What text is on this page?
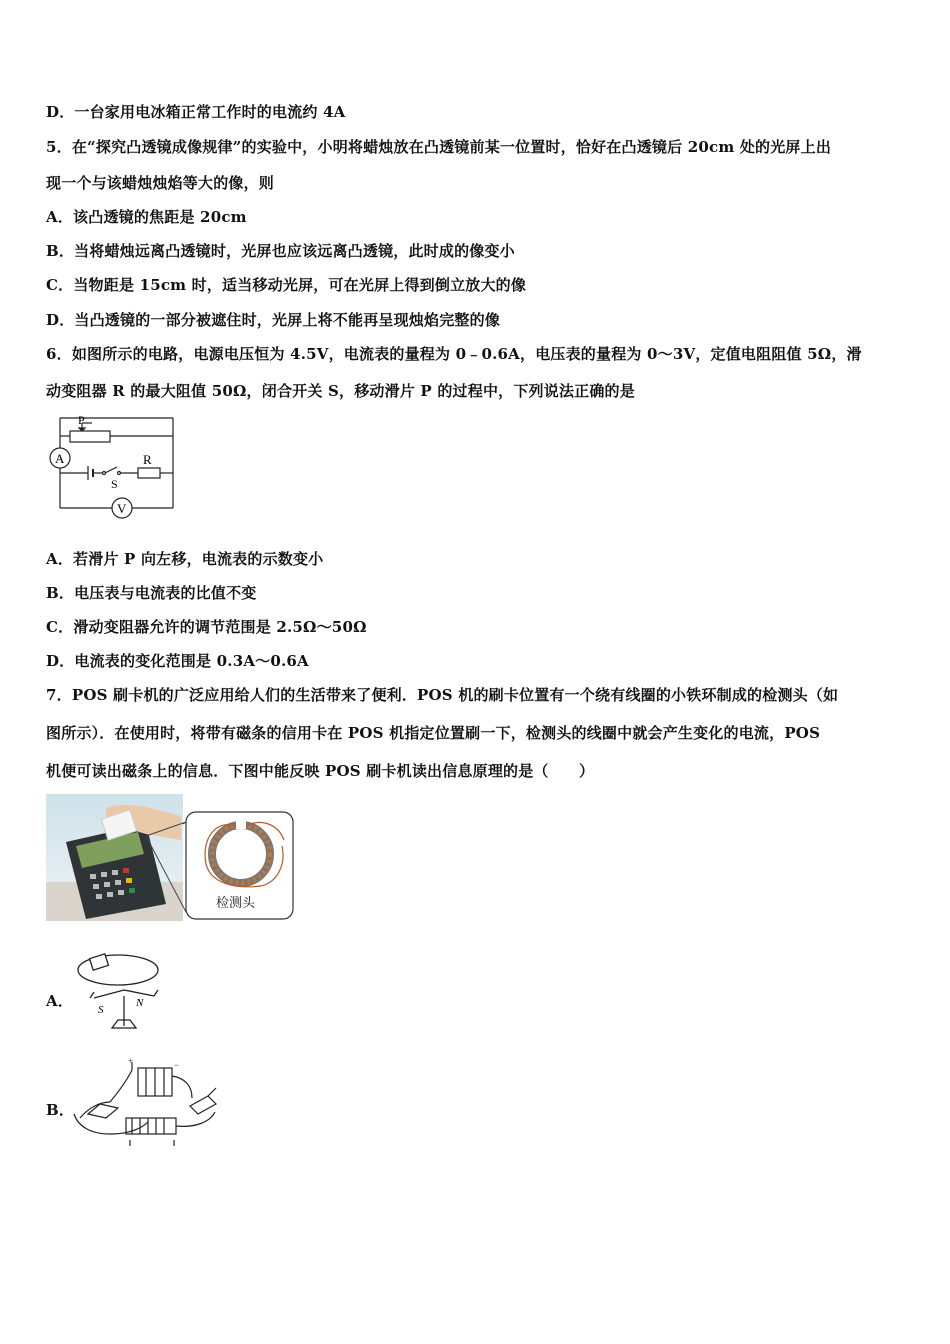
D．一台家用电冰箱正常工作时的电流约 4A
5．在“探究凸透镜成像规律”的实验中，小明将蜡烛放在凸透镜前某一位置时，恰好在凸透镜后 20cm 处的光屏上出
现一个与该蜡烛烛焰等大的像，则
A．该凸透镜的焦距是 20cm
B．当将蜡烛远离凸透镜时，光屏也应该远离凸透镜，此时成的像变小
C．当物距是 15cm 时，适当移动光屏，可在光屏上得到倒立放大的像
D．当凸透镜的一部分被遮住时，光屏上将不能再呈现烛焰完整的像
6．如图所示的电路，电源电压恒为 4.5V，电流表的量程为 0﹣0.6A，电压表的量程为 0～3V，定值电阻阻值 5Ω，滑
动变阻器 R 的最大阻值 50Ω，闭合开关 S，移动滑片 P 的过程中，下列说法正确的是
P
A
S
R
V
A．若滑片 P 向左移，电流表的示数变小
B．电压表与电流表的比值不变
C．滑动变阻器允许的调节范围是 2.5Ω～50Ω
D．电流表的变化范围是 0.3A～0.6A
7．POS 刷卡机的广泛应用给人们的生活带来了便利．POS 机的刷卡位置有一个绕有线圈的小铁环制成的检测头（如
图所示）．在使用时，将带有磁条的信用卡在 POS 机指定位置刷一下，检测头的线圈中就会产生变化的电流，POS
机便可读出磁条上的信息．下图中能反映 POS 刷卡机读出信息原理的是（　　）
检测头
A． S
N
B．
+	−
